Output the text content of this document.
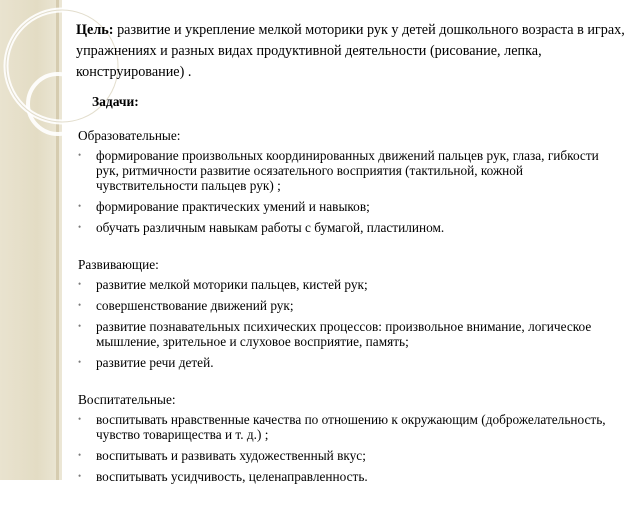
Цель: развитие и укрепление мелкой моторики рук у детей дошкольного возраста в играх, упражнениях и разных видах продуктивной деятельности (рисование, лепка, конструирование) .
Задачи:
Образовательные:
• формирование произвольных координированных движений пальцев рук, глаза, гибкости рук, ритмичности развитие осязательного восприятия (тактильной, кожной чувствительности пальцев рук) ;
• формирование практических умений и навыков;
• обучать различным навыкам работы с бумагой, пластилином.
Развивающие:
• развитие мелкой моторики пальцев, кистей рук;
• совершенствование движений рук;
• развитие познавательных психических процессов: произвольное внимание, логическое мышление, зрительное и слуховое восприятие, память;
• развитие речи детей.
Воспитательные:
• воспитывать нравственные качества по отношению к окружающим (доброжелательность, чувство товарищества и т. д.) ;
• воспитывать и развивать художественный вкус;
• воспитывать усидчивость, целенаправленность.
